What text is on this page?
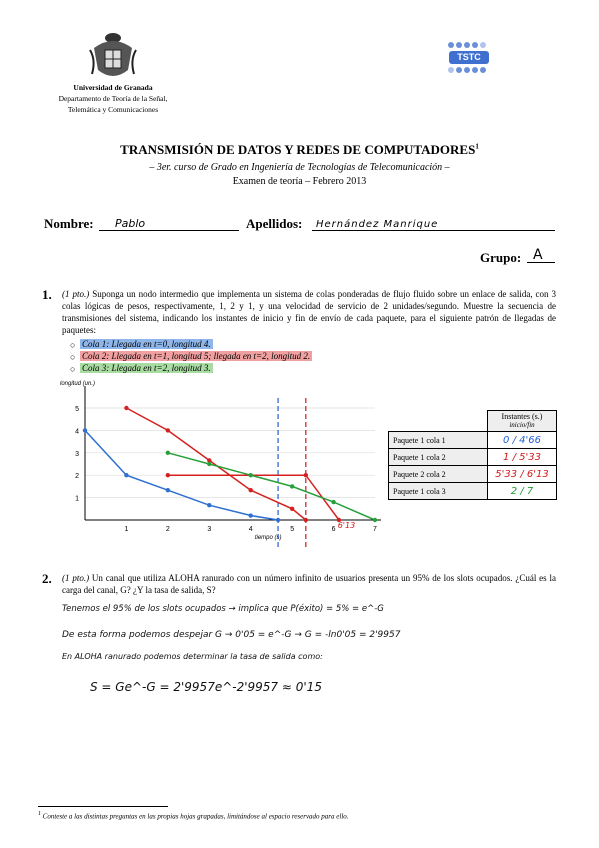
Universidad de Granada
Departamento de Teoría de la Señal,
Telemática y Comunicaciones
TSTC
TRANSMISIÓN DE DATOS Y REDES DE COMPUTADORES$^1$
– 3er. curso de Grado en Ingeniería de Tecnologías de Telecomunicación –
Examen de teoría – Febrero 2013
Nombre:	Pablo	Apellidos:	Hernández Manrique
Grupo: A
1. (1 pto.) Suponga un nodo intermedio que implementa un sistema de colas ponderadas de flujo fluido sobre un enlace de salida, con 3 colas lógicas de pesos, respectivamente, 1, 2 y 1, y una velocidad de servicio de 2 unidades/segundo. Muestre la secuencia de transmisiones del sistema, indicando los instantes de inicio y fin de envío de cada paquete, para el siguiente patrón de llegadas de paquetes:
Cola 1: Llegada en t=0, longitud 4.
Cola 2: Llegada en t=1, longitud 5; llegada en t=2, longitud 2.
Cola 3: Llegada en t=2, longitud 3.
○
○
○
1
2
3
4
5
1	2	3	4	5	6	7
longitud (un.)
tiempo (s)
6'13

	Instantes (s.)
inicio/fin

Paquete 1 cola 1	0 / 4'66
Paquete 1 cola 2	1 / 5'33
Paquete 2 cola 2	5'33 / 6'13
Paquete 1 cola 3	2 / 7
2. (1 pto.) Un canal que utiliza ALOHA ranurado con un número infinito de usuarios presenta un 95% de los slots ocupados. ¿Cuál es la carga del canal, G? ¿Y la tasa de salida, S?
Tenemos el 95% de los slots ocupados → implica que P(éxito) = 5% = e^-G
De esta forma podemos despejar G → 0'05 = e^-G → G = -ln0'05 = 2'9957
En ALOHA ranurado podemos determinar la tasa de salida como:
S = Ge^-G = 2'9957e^-2'9957 ≈ 0'15
$^1$ Conteste a las distintas preguntas en las propias hojas grapadas, limitándose al espacio reservado para ello.
